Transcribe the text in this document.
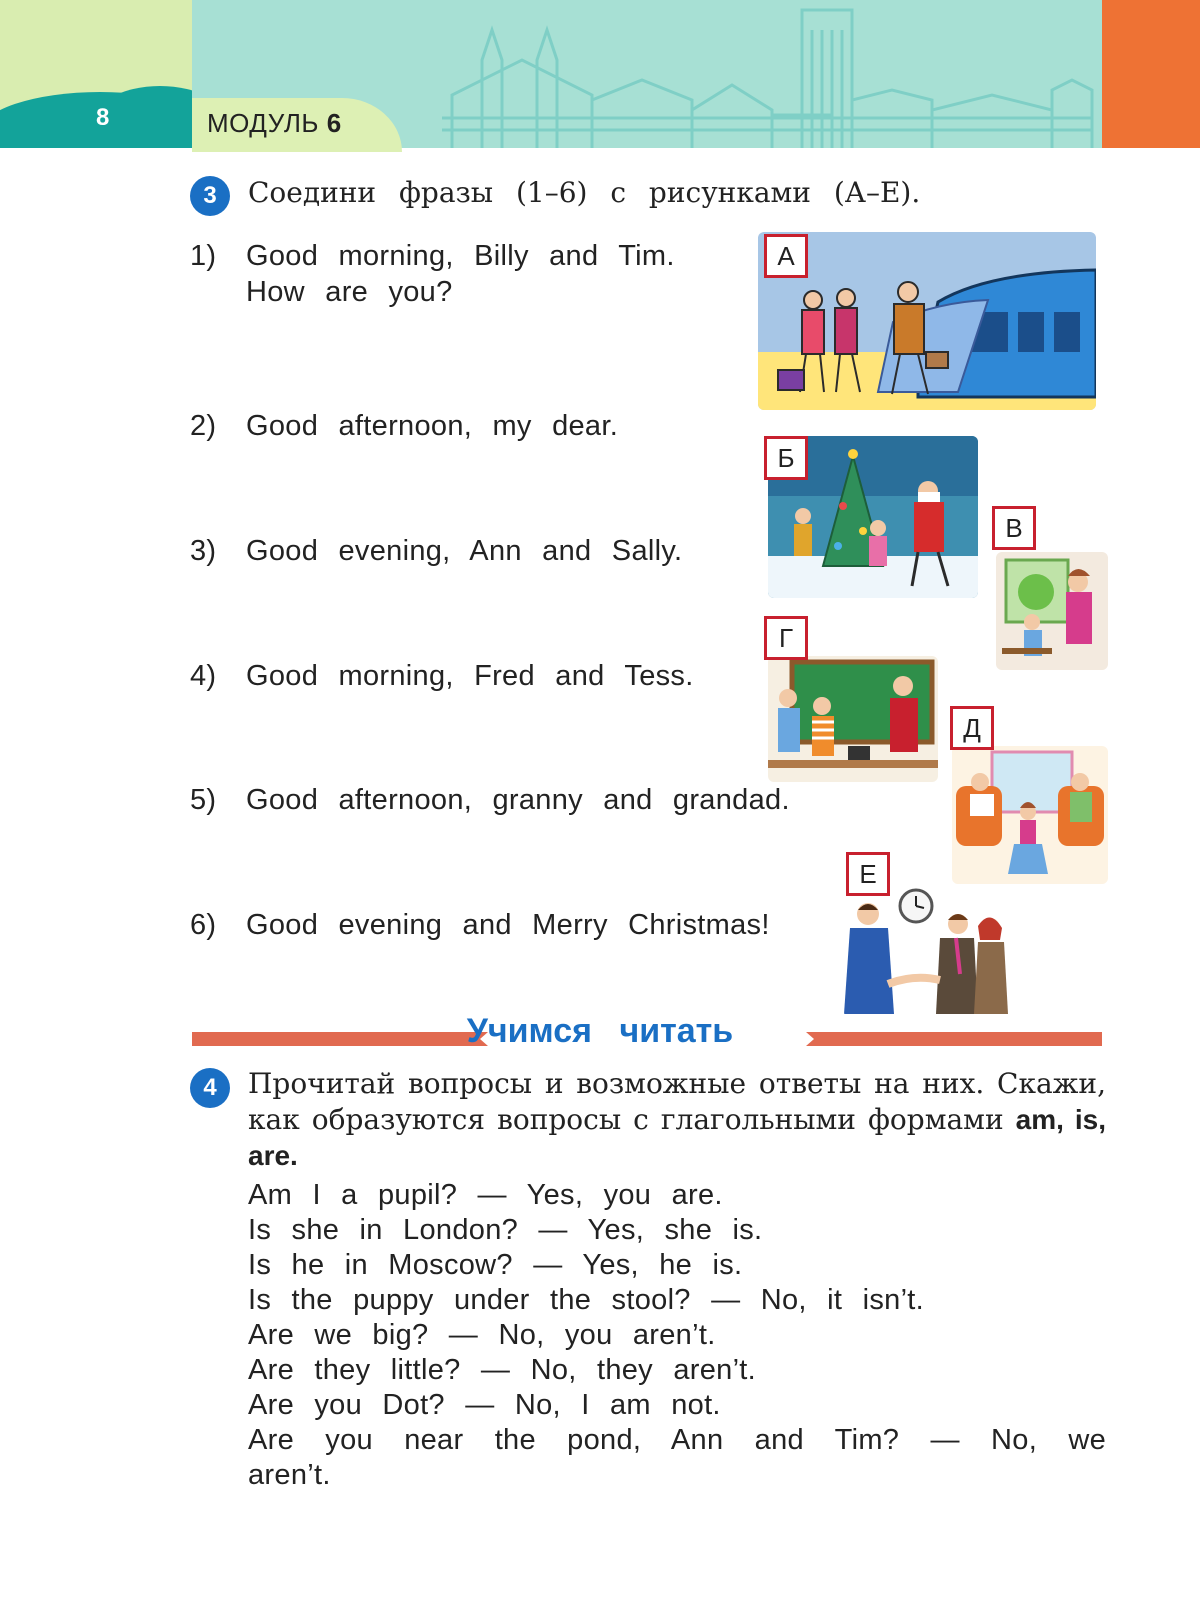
8	МОДУЛЬ 6
3	Соедини фразы (1–6) с рисунками (А–Е).
1) Good morning, Billy and Tim.
How are you?
2) Good afternoon, my dear.
3) Good evening, Ann and Sally.
4) Good morning, Fred and Tess.
5) Good afternoon, granny and grandad.
6) Good evening and Merry Christmas!
А
Б
В
Г
Д
Е
Учимся читать
4	Прочитай вопросы и возможные ответы на них. Скажи, как образуются вопросы с глагольными формами am, is, are.
Am I a pupil? — Yes, you are.
Is she in London? — Yes, she is.
Is he in Moscow? — Yes, he is.
Is the puppy under the stool? — No, it isn’t.
Are we big? — No, you aren’t.
Are they little? — No, they aren’t.
Are you Dot? — No, I am not.
Are you near the pond, Ann and Tim? — No, we
aren’t.
